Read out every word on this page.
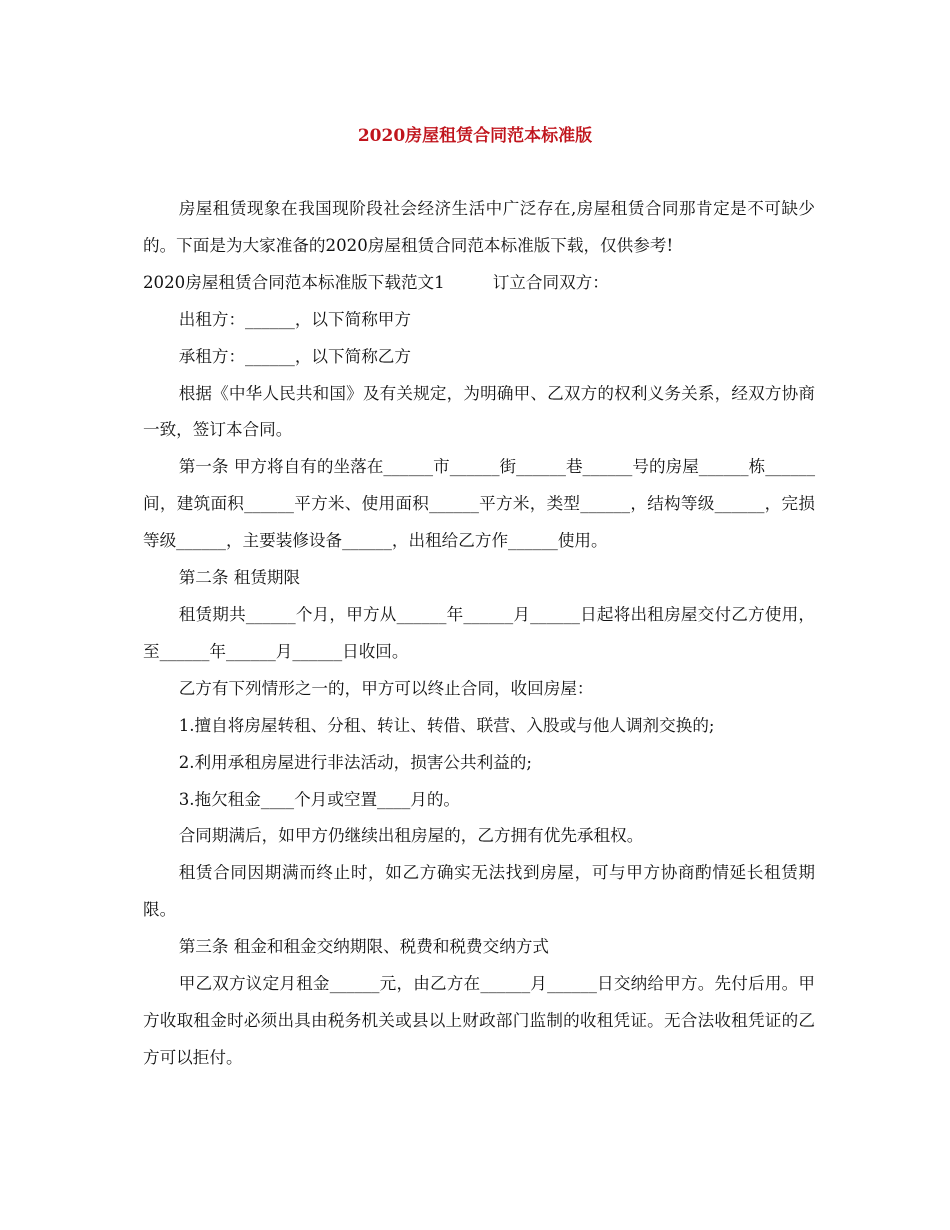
2020房屋租赁合同范本标准版

房屋租赁现象在我国现阶段社会经济生活中广泛存在,房屋租赁合同那肯定是不可缺少的。下面是为大家准备的2020房屋租赁合同范本标准版下载，仅供参考!

2020房屋租赁合同范本标准版下载范文1	订立合同双方：

出租方：______，以下简称甲方

承租方：______，以下简称乙方

根据《中华人民共和国》及有关规定，为明确甲、乙双方的权利义务关系，经双方协商一致，签订本合同。

第一条 甲方将自有的坐落在______市______街______巷______号的房屋______栋______间，建筑面积______平方米、使用面积______平方米，类型______，结构等级______，完损等级______，主要装修设备______，出租给乙方作______使用。

第二条 租赁期限

租赁期共______个月，甲方从______年______月______日起将出租房屋交付乙方使用，至______年______月______日收回。

乙方有下列情形之一的，甲方可以终止合同，收回房屋：

1.擅自将房屋转租、分租、转让、转借、联营、入股或与他人调剂交换的;

2.利用承租房屋进行非法活动，损害公共利益的;

3.拖欠租金____个月或空置____月的。

合同期满后，如甲方仍继续出租房屋的，乙方拥有优先承租权。

租赁合同因期满而终止时，如乙方确实无法找到房屋，可与甲方协商酌情延长租赁期限。

第三条 租金和租金交纳期限、税费和税费交纳方式

甲乙双方议定月租金______元，由乙方在______月______日交纳给甲方。先付后用。甲方收取租金时必须出具由税务机关或县以上财政部门监制的收租凭证。无合法收租凭证的乙方可以拒付。
